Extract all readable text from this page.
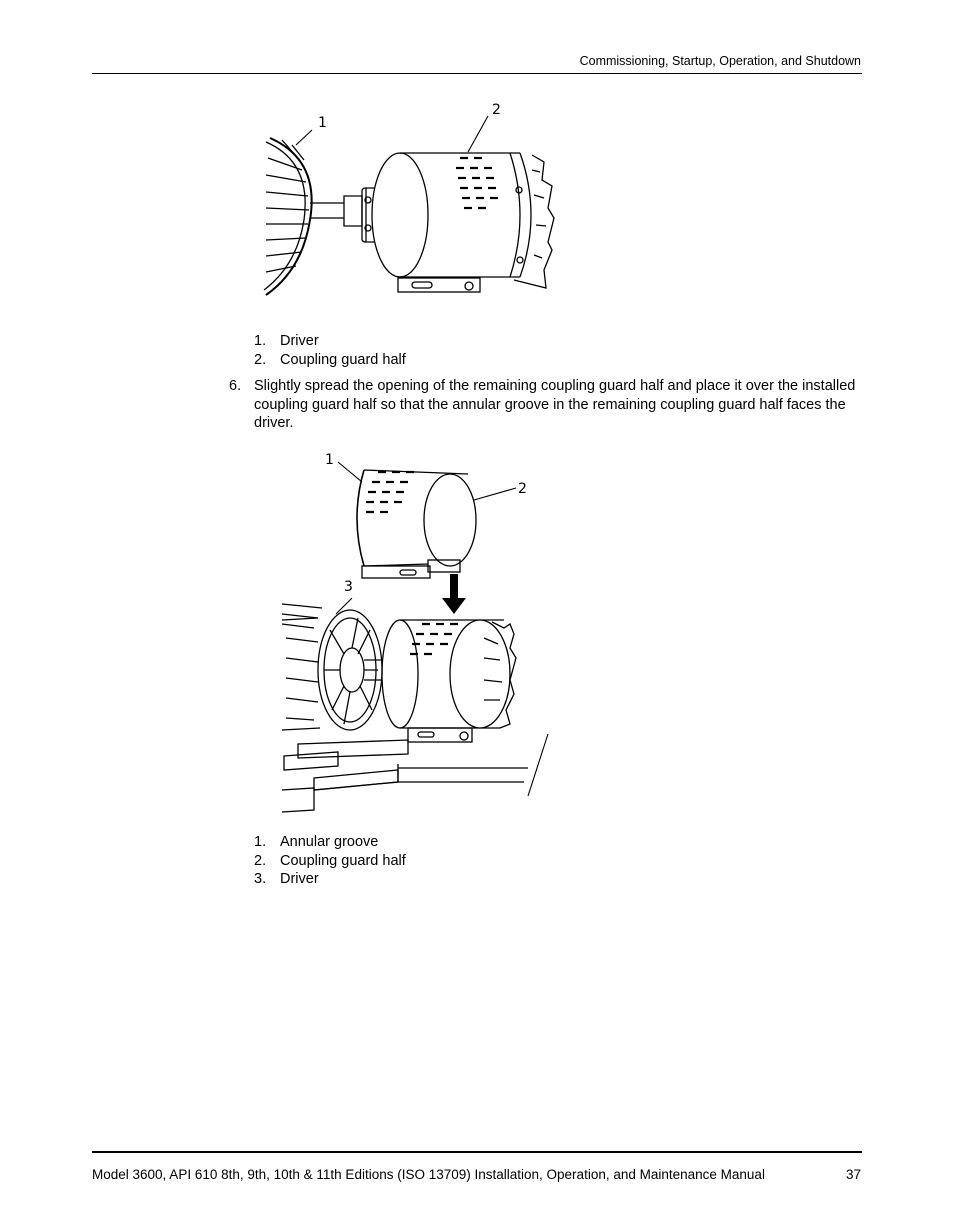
Commissioning, Startup, Operation, and Shutdown
1
2
1. Driver
2. Coupling guard half
6. Slightly spread the opening of the remaining coupling guard half and place it over the installed coupling guard half so that the annular groove in the remaining coupling guard half faces the driver.
1
2
3
1. Annular groove
2. Coupling guard half
3. Driver
Model 3600, API 610 8th, 9th, 10th & 11th Editions (ISO 13709) Installation, Operation, and Maintenance Manual	37
